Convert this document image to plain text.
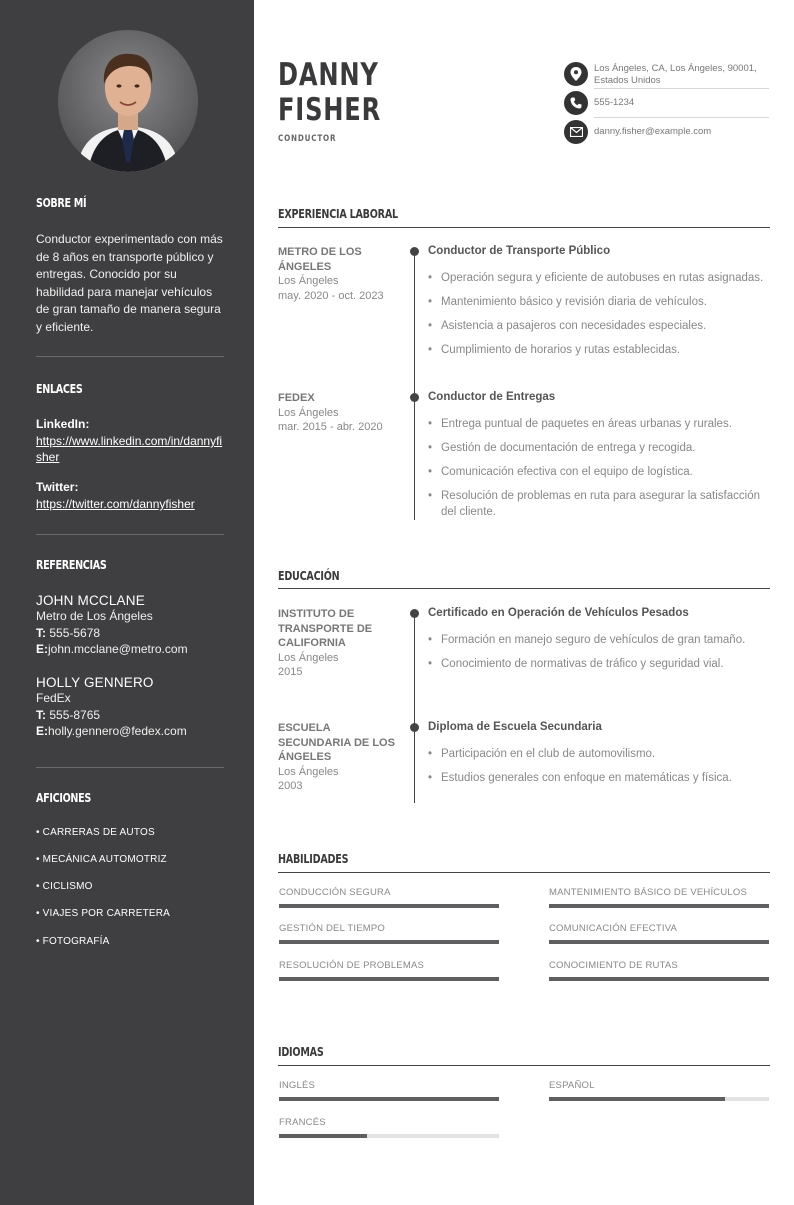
SOBRE MÍ
Conductor experimentado con más de 8 años en transporte público y entregas. Conocido por su habilidad para manejar vehículos de gran tamaño de manera segura y eficiente.
ENLACES
LinkedIn:
https://www.linkedin.com/in/dannyfisher
Twitter:
https://twitter.com/dannyfisher
REFERENCIAS
JOHN MCCLANE
Metro de Los Ángeles
T: 555-5678
E:john.mcclane@metro.com
HOLLY GENNERO
FedEx
T: 555-8765
E:holly.gennero@fedex.com
AFICIONES
• CARRERAS DE AUTOS
• MECÁNICA AUTOMOTRIZ
• CICLISMO
• VIAJES POR CARRETERA
• FOTOGRAFÍA
DANNY
FISHER
CONDUCTOR
Los Ángeles, CA, Los Ángeles, 90001, Estados Unidos
555-1234
danny.fisher@example.com
EXPERIENCIA LABORAL
METRO DE LOS ÁNGELES
Los Ángeles
may. 2020 - oct. 2023
Conductor de Transporte Público
• Operación segura y eficiente de autobuses en rutas asignadas.
• Mantenimiento básico y revisión diaria de vehículos.
• Asistencia a pasajeros con necesidades especiales.
• Cumplimiento de horarios y rutas establecidas.
FEDEX
Los Ángeles
mar. 2015 - abr. 2020
Conductor de Entregas
• Entrega puntual de paquetes en áreas urbanas y rurales.
• Gestión de documentación de entrega y recogida.
• Comunicación efectiva con el equipo de logística.
• Resolución de problemas en ruta para asegurar la satisfacción del cliente.
EDUCACIÓN
INSTITUTO DE TRANSPORTE DE CALIFORNIA
Los Ángeles
2015
Certificado en Operación de Vehículos Pesados
• Formación en manejo seguro de vehículos de gran tamaño.
• Conocimiento de normativas de tráfico y seguridad vial.
ESCUELA SECUNDARIA DE LOS ÁNGELES
Los Ángeles
2003
Diploma de Escuela Secundaria
• Participación en el club de automovilismo.
• Estudios generales con enfoque en matemáticas y física.
HABILIDADES
CONDUCCIÓN SEGURA	MANTENIMIENTO BÁSICO DE VEHÍCULOS
GESTIÓN DEL TIEMPO	COMUNICACIÓN EFECTIVA
RESOLUCIÓN DE PROBLEMAS	CONOCIMIENTO DE RUTAS
IDIOMAS
INGLÉS	ESPAÑOL
FRANCÉS
